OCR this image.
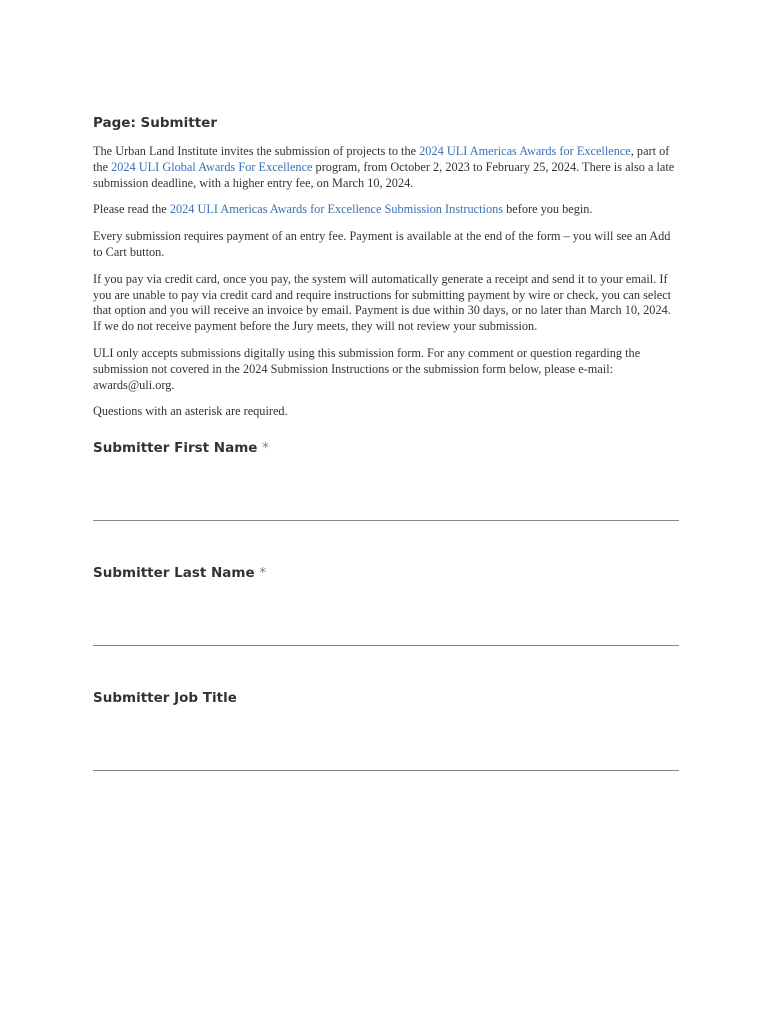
Page: Submitter

The Urban Land Institute invites the submission of projects to the 2024 ULI Americas Awards for Excellence, part of the 2024 ULI Global Awards For Excellence program, from October 2, 2023 to February 25, 2024. There is also a late submission deadline, with a higher entry fee, on March 10, 2024.

Please read the 2024 ULI Americas Awards for Excellence Submission Instructions before you begin.

Every submission requires payment of an entry fee. Payment is available at the end of the form – you will see an Add to Cart button.

If you pay via credit card, once you pay, the system will automatically generate a receipt and send it to your email. If you are unable to pay via credit card and require instructions for submitting payment by wire or check, you can select that option and you will receive an invoice by email. Payment is due within 30 days, or no later than March 10, 2024. If we do not receive payment before the Jury meets, they will not review your submission.

ULI only accepts submissions digitally using this submission form. For any comment or question regarding the submission not covered in the 2024 Submission Instructions or the submission form below, please e-mail: awards@uli.org.

Questions with an asterisk are required.

Submitter First Name *
Submitter Last Name *
Submitter Job Title
